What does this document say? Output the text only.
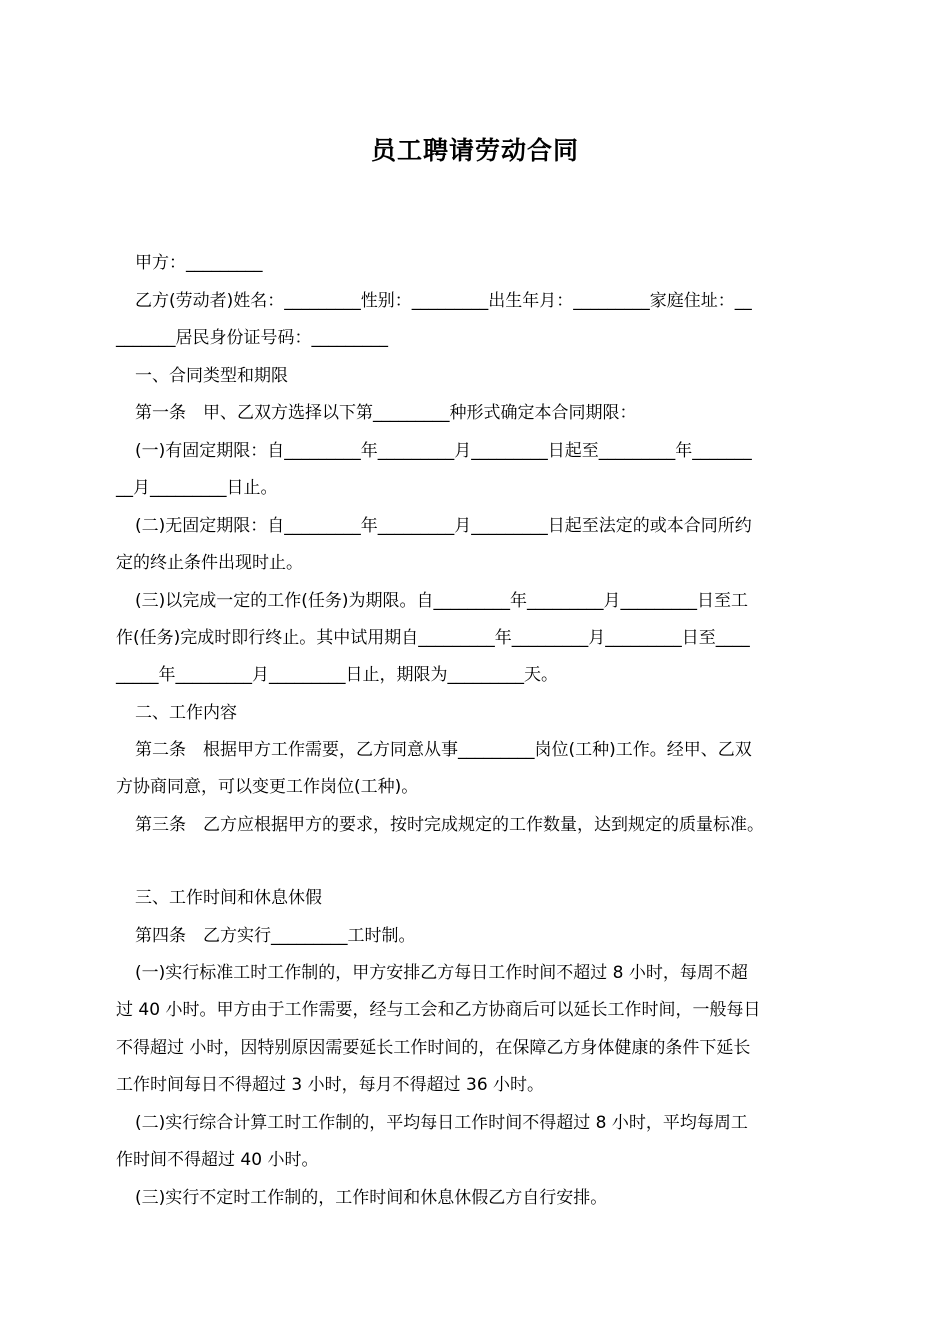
员工聘请劳动合同
甲方：_________
乙方(劳动者)姓名：_________性别：_________出生年月：_________家庭住址：__
_______居民身份证号码：_________
一、合同类型和期限
第一条　甲、乙双方选择以下第_________种形式确定本合同期限：
(一)有固定期限：自_________年_________月_________日起至_________年_______
__月_________日止。
(二)无固定期限：自_________年_________月_________日起至法定的或本合同所约
定的终止条件出现时止。
(三)以完成一定的工作(任务)为期限。自_________年_________月_________日至工
作(任务)完成时即行终止。其中试用期自_________年_________月_________日至____
_____年_________月_________日止，期限为_________天。
二、工作内容
第二条　根据甲方工作需要，乙方同意从事_________岗位(工种)工作。经甲、乙双
方协商同意，可以变更工作岗位(工种)。
第三条　乙方应根据甲方的要求，按时完成规定的工作数量，达到规定的质量标准。
三、工作时间和休息休假
第四条　乙方实行_________工时制。
(一)实行标准工时工作制的，甲方安排乙方每日工作时间不超过 8 小时，每周不超
过 40 小时。甲方由于工作需要，经与工会和乙方协商后可以延长工作时间，一般每日
不得超过 小时，因特别原因需要延长工作时间的，在保障乙方身体健康的条件下延长
工作时间每日不得超过 3 小时，每月不得超过 36 小时。
(二)实行综合计算工时工作制的，平均每日工作时间不得超过 8 小时，平均每周工
作时间不得超过 40 小时。
(三)实行不定时工作制的，工作时间和休息休假乙方自行安排。
